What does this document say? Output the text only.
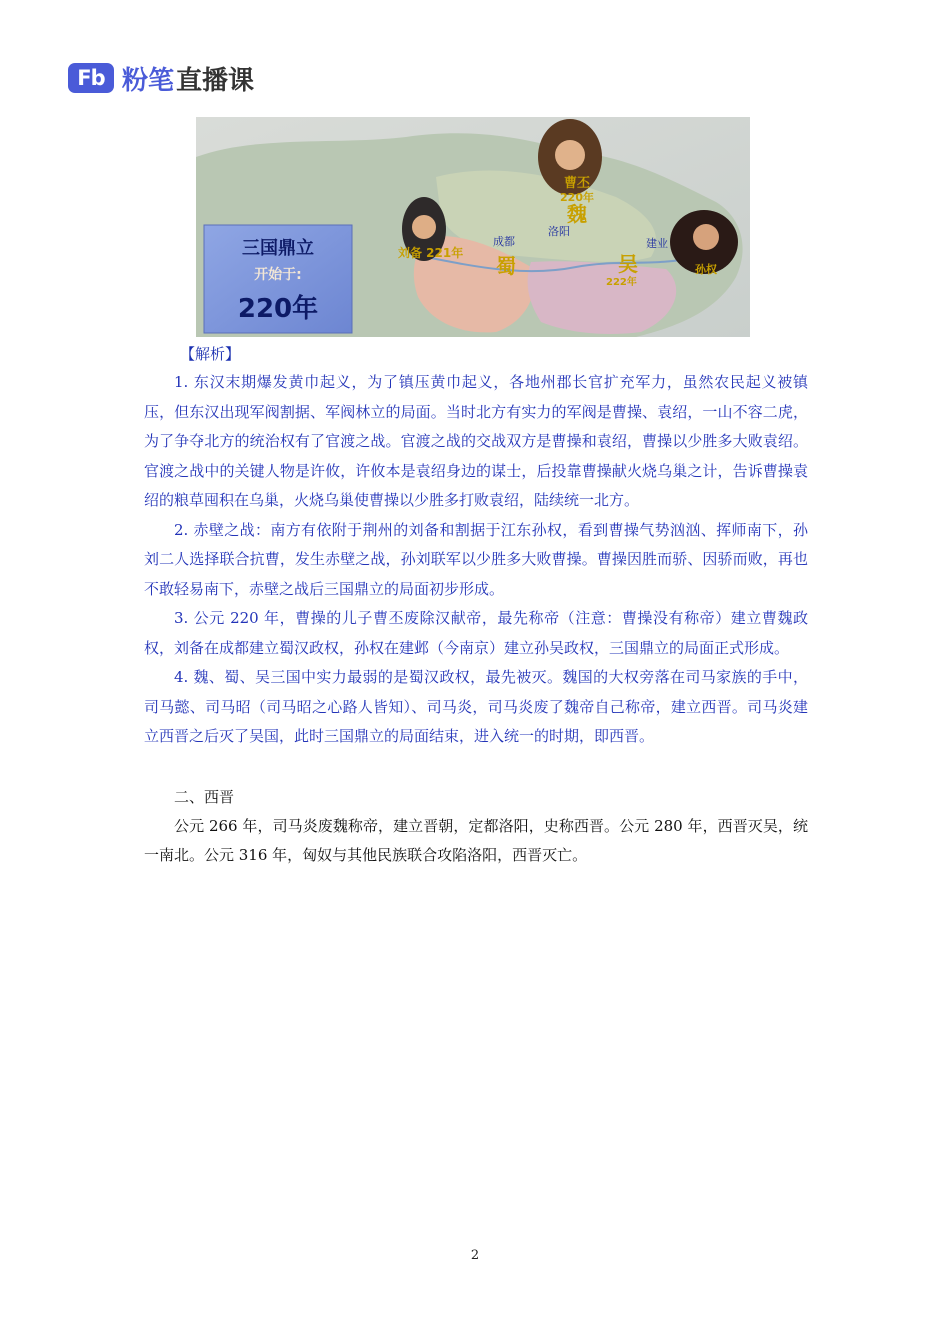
Fb 粉笔 直播课
三国鼎立
开始于:
220年
曹丕
220年
魏
洛阳
刘备 221年
成都
蜀	孙权
建业
吴
222年
【解析】

1. 东汉末期爆发黄巾起义，为了镇压黄巾起义，各地州郡长官扩充军力，虽然农民起义被镇压，但东汉出现军阀割据、军阀林立的局面。当时北方有实力的军阀是曹操、袁绍，一山不容二虎，为了争夺北方的统治权有了官渡之战。官渡之战的交战双方是曹操和袁绍，曹操以少胜多大败袁绍。官渡之战中的关键人物是许攸，许攸本是袁绍身边的谋士，后投靠曹操献火烧乌巢之计，告诉曹操袁绍的粮草囤积在乌巢，火烧乌巢使曹操以少胜多打败袁绍，陆续统一北方。

2. 赤壁之战：南方有依附于荆州的刘备和割据于江东孙权，看到曹操气势汹汹、挥师南下，孙刘二人选择联合抗曹，发生赤壁之战，孙刘联军以少胜多大败曹操。曹操因胜而骄、因骄而败，再也不敢轻易南下，赤壁之战后三国鼎立的局面初步形成。

3. 公元 220 年，曹操的儿子曹丕废除汉献帝，最先称帝（注意：曹操没有称帝）建立曹魏政权，刘备在成都建立蜀汉政权，孙权在建邺（今南京）建立孙吴政权，三国鼎立的局面正式形成。

4. 魏、蜀、吴三国中实力最弱的是蜀汉政权，最先被灭。魏国的大权旁落在司马家族的手中，司马懿、司马昭（司马昭之心路人皆知）、司马炎，司马炎废了魏帝自己称帝，建立西晋。司马炎建立西晋之后灭了吴国，此时三国鼎立的局面结束，进入统一的时期，即西晋。

二、西晋

公元 266 年，司马炎废魏称帝，建立晋朝，定都洛阳，史称西晋。公元 280 年，西晋灭吴，统一南北。公元 316 年，匈奴与其他民族联合攻陷洛阳，西晋灭亡。

2
